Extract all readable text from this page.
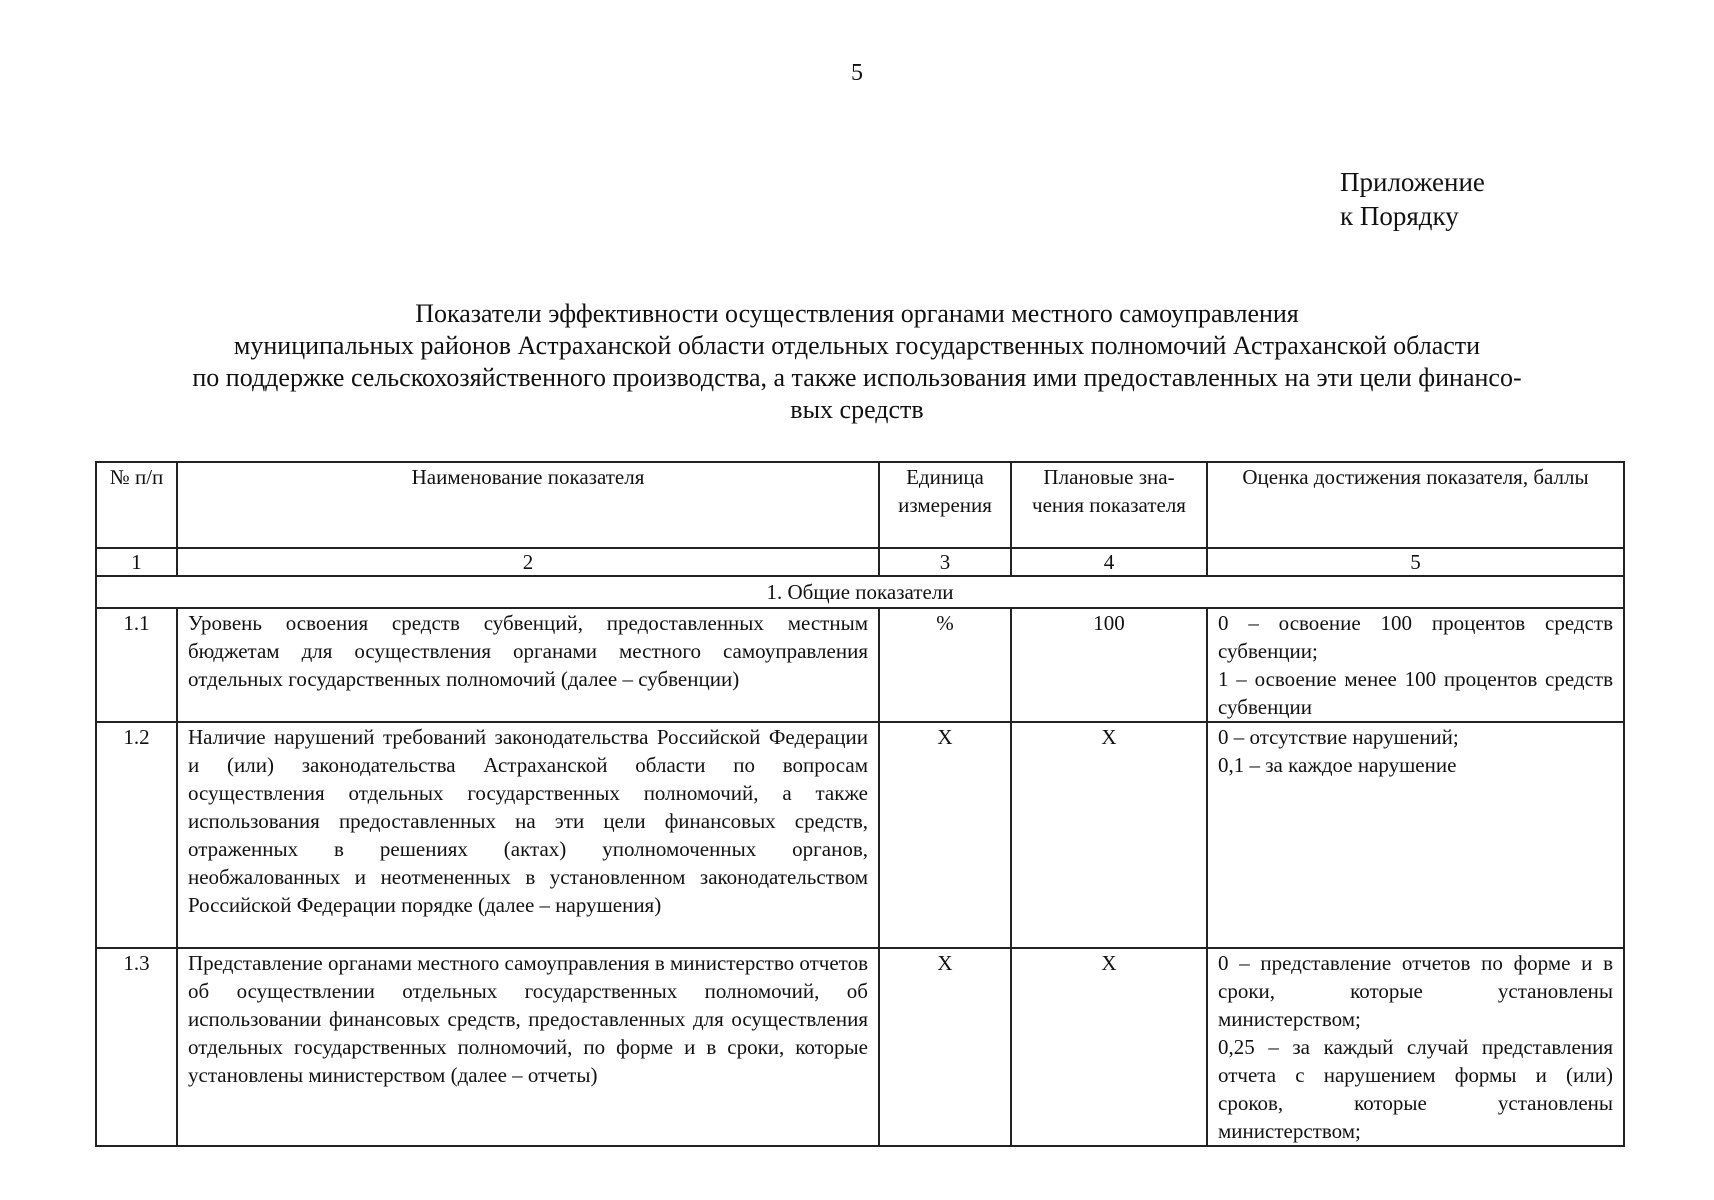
5
Приложение
к Порядку
Показатели эффективности осуществления органами местного самоуправления
муниципальных районов Астраханской области отдельных государственных полномочий Астраханской области
по поддержке сельскохозяйственного производства, а также использования ими предоставленных на эти цели финансо-
вых средств
№ п/п	Наименование показателя	Единица измерения	Плановые зна-чения показателя	Оценка достижения показателя, баллы
1	2	3	4	5
1. Общие показатели				
1.1	Уровень освоения средств субвенций, предоставленных местным бюджетам для осуществления органами местного самоуправления отдельных государственных полномочий (далее – субвенции)	%	100	0 – освоение 100 процентов средств субвенции;
1 – освоение менее 100 процентов средств субвенции

1.2	Наличие нарушений требований законодательства Российской Федерации и (или) законодательства Астраханской области по вопросам осуществления отдельных государственных полномочий, а также использования предоставленных на эти цели финансовых средств, отраженных в решениях (актах) уполномоченных органов, необжалованных и неотмененных в установленном законодательством Российской Федерации порядке (далее – нарушения)	X	X	0 – отсутствие нарушений;
0,1 – за каждое нарушение

1.3	Представление органами местного самоуправления в министерство отчетов об осуществлении отдельных государственных полномочий, об использовании финансовых средств, предоставленных для осуществления отдельных государственных полномочий, по форме и в сроки, которые установлены министерством (далее – отчеты)	X	X	0 – представление отчетов по форме и в сроки, которые установлены министерством;
0,25 – за каждый случай представления отчета с нарушением формы и (или) сроков, которые установлены министерством;
